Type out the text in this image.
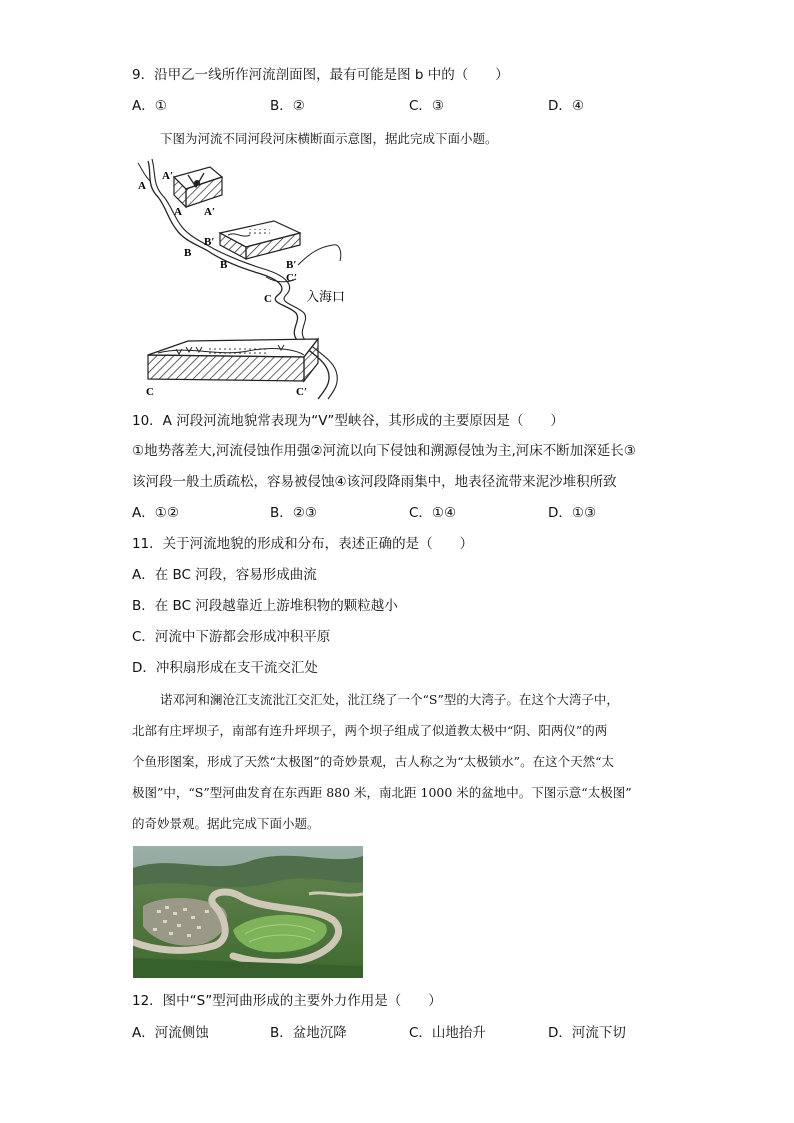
9．沿甲乙一线所作河流剖面图，最有可能是图 b 中的（　　）
A．①	B．②	C．③	D．④
下图为河流不同河段河床横断面示意图，据此完成下面小题。
A
A′
A A′
B
B′
B	B′
C′
C	入海口
C	C′
10．A 河段河流地貌常表现为“V”型峡谷，其形成的主要原因是（　　）
①地势落差大,河流侵蚀作用强②河流以向下侵蚀和溯源侵蚀为主,河床不断加深延长③
该河段一般土质疏松，容易被侵蚀④该河段降雨集中，地表径流带来泥沙堆积所致
A．①②	B．②③	C．①④	D．①③
11．关于河流地貌的形成和分布，表述正确的是（　　）
A．在 BC 河段，容易形成曲流
B．在 BC 河段越靠近上游堆积物的颗粒越小
C．河流中下游都会形成冲积平原
D．冲积扇形成在支干流交汇处
诺邓河和澜沧江支流沘江交汇处，沘江绕了一个“S”型的大湾子。在这个大湾子中，
北部有庄坪坝子，南部有连升坪坝子，两个坝子组成了似道教太极中“阴、阳两仪”的两
个鱼形图案，形成了天然“太极图”的奇妙景观，古人称之为“太极锁水”。在这个天然“太
极图”中，“S”型河曲发育在东西距 880 米，南北距 1000 米的盆地中。下图示意“太极图”
的奇妙景观。据此完成下面小题。
12．图中“S”型河曲形成的主要外力作用是（　　）
A．河流侧蚀	B．盆地沉降	C．山地抬升	D．河流下切
